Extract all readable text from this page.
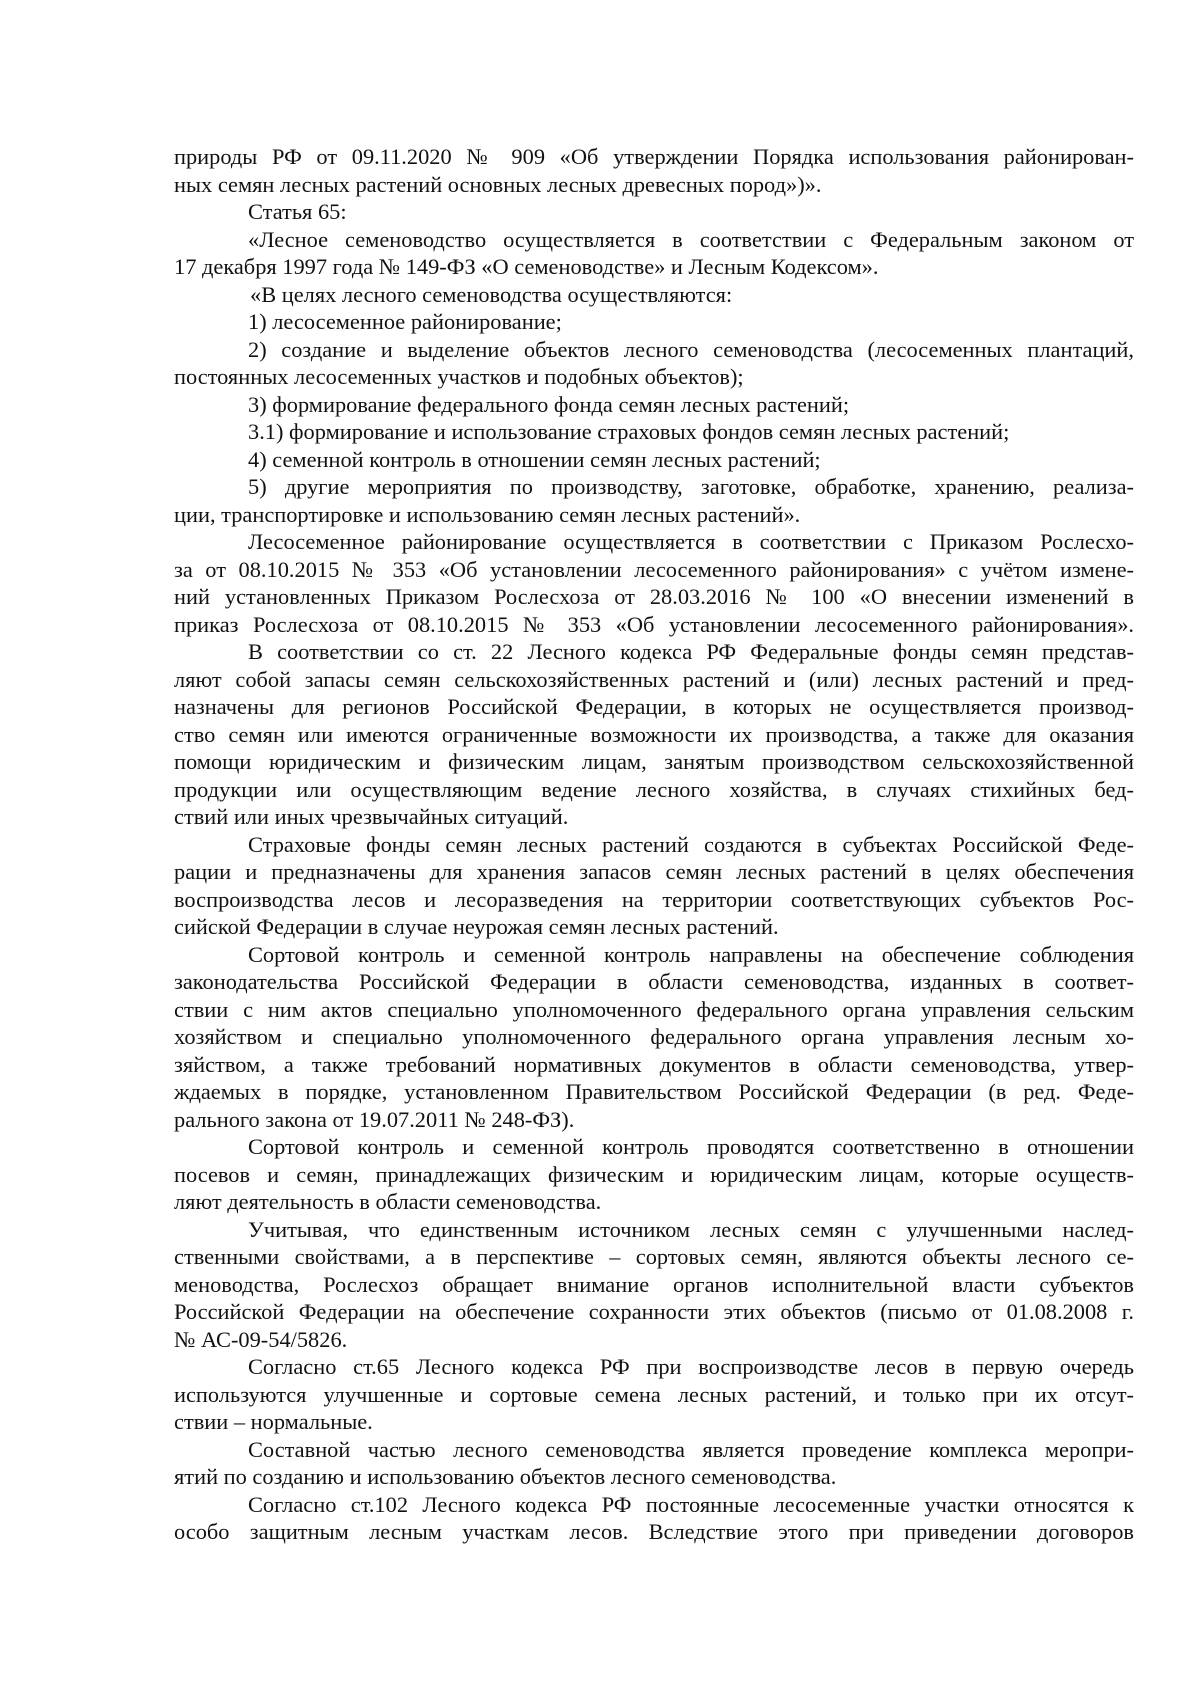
природы РФ от 09.11.2020 № 909 «Об утверждении Порядка использования районирован-
ных семян лесных растений основных лесных древесных пород»)».
Статья 65:
«Лесное семеноводство осуществляется в соответствии с Федеральным законом от
17 декабря 1997 года № 149-ФЗ «О семеноводстве» и Лесным Кодексом».
«В целях лесного семеноводства осуществляются:
1) лесосеменное районирование;
2) создание и выделение объектов лесного семеноводства (лесосеменных плантаций,
постоянных лесосеменных участков и подобных объектов);
3) формирование федерального фонда семян лесных растений;
3.1) формирование и использование страховых фондов семян лесных растений;
4) семенной контроль в отношении семян лесных растений;
5) другие мероприятия по производству, заготовке, обработке, хранению, реализа-
ции, транспортировке и использованию семян лесных растений».
Лесосеменное районирование осуществляется в соответствии с Приказом Рослесхо-
за от 08.10.2015 № 353 «Об установлении лесосеменного районирования» с учётом измене-
ний установленных Приказом Рослесхоза от 28.03.2016 № 100 «О внесении изменений в
приказ Рослесхоза от 08.10.2015 № 353 «Об установлении лесосеменного районирования».
В соответствии со ст. 22 Лесного кодекса РФ Федеральные фонды семян представ-
ляют собой запасы семян сельскохозяйственных растений и (или) лесных растений и пред-
назначены для регионов Российской Федерации, в которых не осуществляется производ-
ство семян или имеются ограниченные возможности их производства, а также для оказания
помощи юридическим и физическим лицам, занятым производством сельскохозяйственной
продукции или осуществляющим ведение лесного хозяйства, в случаях стихийных бед-
ствий или иных чрезвычайных ситуаций.
Страховые фонды семян лесных растений создаются в субъектах Российской Феде-
рации и предназначены для хранения запасов семян лесных растений в целях обеспечения
воспроизводства лесов и лесоразведения на территории соответствующих субъектов Рос-
сийской Федерации в случае неурожая семян лесных растений.
Сортовой контроль и семенной контроль направлены на обеспечение соблюдения
законодательства Российской Федерации в области семеноводства, изданных в соответ-
ствии с ним актов специально уполномоченного федерального органа управления сельским
хозяйством и специально уполномоченного федерального органа управления лесным хо-
зяйством, а также требований нормативных документов в области семеноводства, утвер-
ждаемых в порядке, установленном Правительством Российской Федерации (в ред. Феде-
рального закона от 19.07.2011 № 248-ФЗ).
Сортовой контроль и семенной контроль проводятся соответственно в отношении
посевов и семян, принадлежащих физическим и юридическим лицам, которые осуществ-
ляют деятельность в области семеноводства.
Учитывая, что единственным источником лесных семян с улучшенными наслед-
ственными свойствами, а в перспективе – сортовых семян, являются объекты лесного се-
меноводства, Рослесхоз обращает внимание органов исполнительной власти субъектов
Российской Федерации на обеспечение сохранности этих объектов (письмо от 01.08.2008 г.
№ АС-09-54/5826.
Согласно ст.65 Лесного кодекса РФ при воспроизводстве лесов в первую очередь
используются улучшенные и сортовые семена лесных растений, и только при их отсут-
ствии – нормальные.
Составной частью лесного семеноводства является проведение комплекса меропри-
ятий по созданию и использованию объектов лесного семеноводства.
Согласно ст.102 Лесного кодекса РФ постоянные лесосеменные участки относятся к
особо защитным лесным участкам лесов. Вследствие этого при приведении договоров
